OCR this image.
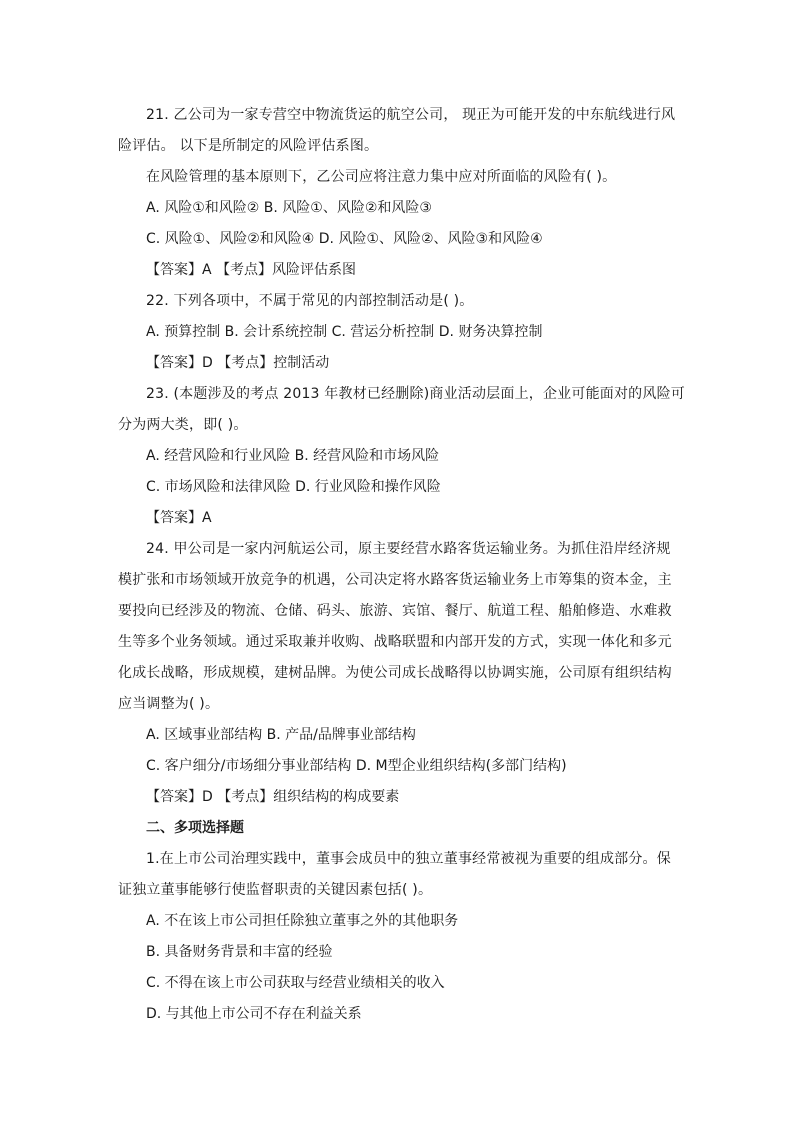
21. 乙公司为一家专营空中物流货运的航空公司， 现正为可能开发的中东航线进行风
险评估。 以下是所制定的风险评估系图。
在风险管理的基本原则下，乙公司应将注意力集中应对所面临的风险有( )。
A. 风险①和风险② B. 风险①、风险②和风险③
C. 风险①、风险②和风险④ D. 风险①、风险②、风险③和风险④
【答案】A 【考点】风险评估系图
22. 下列各项中，不属于常见的内部控制活动是( )。
A. 预算控制 B. 会计系统控制 C. 营运分析控制 D. 财务决算控制
【答案】D 【考点】控制活动
23. (本题涉及的考点 2013 年教材已经删除)商业活动层面上，企业可能面对的风险可
分为两大类，即( )。
A. 经营风险和行业风险 B. 经营风险和市场风险
C. 市场风险和法律风险 D. 行业风险和操作风险
【答案】A
24. 甲公司是一家内河航运公司，原主要经营水路客货运输业务。为抓住沿岸经济规
模扩张和市场领域开放竞争的机遇，公司决定将水路客货运输业务上市筹集的资本金，主
要投向已经涉及的物流、仓储、码头、旅游、宾馆、餐厅、航道工程、船舶修造、水难救
生等多个业务领域。通过采取兼并收购、战略联盟和内部开发的方式，实现一体化和多元
化成长战略，形成规模，建树品牌。为使公司成长战略得以协调实施，公司原有组织结构
应当调整为( )。
A. 区域事业部结构 B. 产品/品牌事业部结构
C. 客户细分/市场细分事业部结构 D. M型企业组织结构(多部门结构)
【答案】D 【考点】组织结构的构成要素
二、多项选择题
1.在上市公司治理实践中，董事会成员中的独立董事经常被视为重要的组成部分。保
证独立董事能够行使监督职责的关键因素包括( )。
A. 不在该上市公司担任除独立董事之外的其他职务
B. 具备财务背景和丰富的经验
C. 不得在该上市公司获取与经营业绩相关的收入
D. 与其他上市公司不存在利益关系
